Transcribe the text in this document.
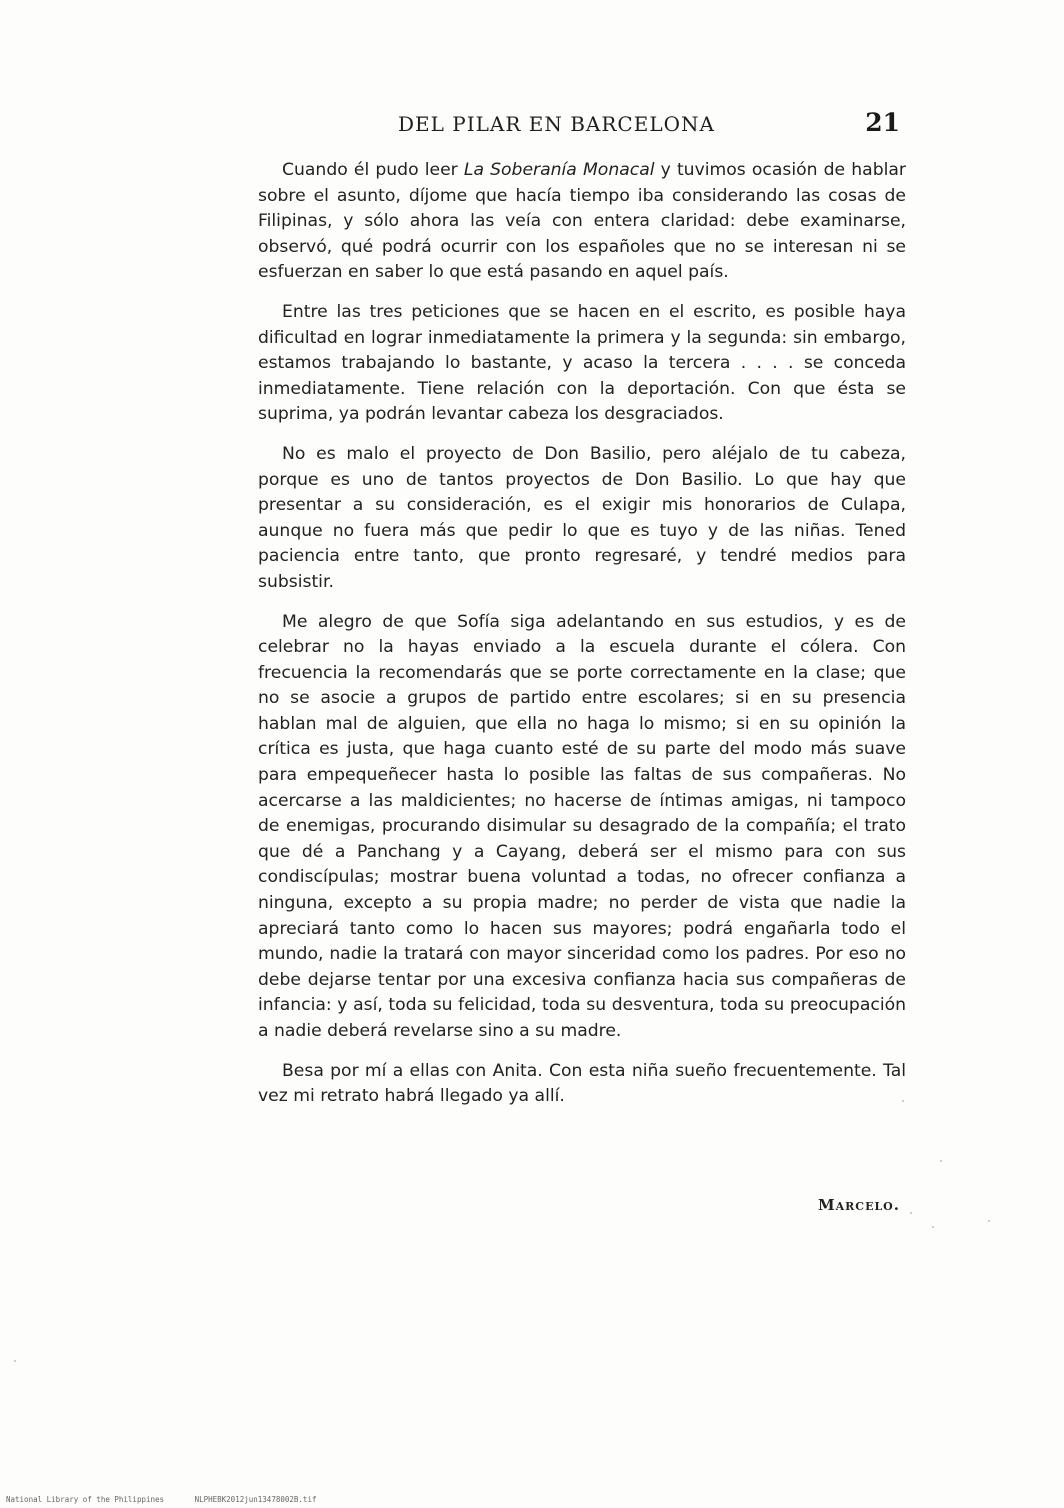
DEL PILAR EN BARCELONA	21

Cuando él pudo leer La Soberanía Monacal y tuvimos ocasión de hablar sobre el asunto, díjome que hacía tiempo iba considerando las cosas de Filipinas, y sólo ahora las veía con entera claridad: debe examinarse, observó, qué podrá ocurrir con los españoles que no se interesan ni se esfuerzan en saber lo que está pasando en aquel país.

Entre las tres peticiones que se hacen en el escrito, es posible haya dificultad en lograr inmediatamente la primera y la segunda: sin embargo, estamos trabajando lo bastante, y acaso la tercera . . . . se conceda inmediatamente. Tiene relación con la deportación. Con que ésta se suprima, ya podrán levantar cabeza los desgraciados.

No es malo el proyecto de Don Basilio, pero aléjalo de tu cabeza, porque es uno de tantos proyectos de Don Basilio. Lo que hay que presentar a su consideración, es el exigir mis honorarios de Culapa, aunque no fuera más que pedir lo que es tuyo y de las niñas. Tened paciencia entre tanto, que pronto regresaré, y tendré medios para subsistir.

Me alegro de que Sofía siga adelantando en sus estudios, y es de celebrar no la hayas enviado a la escuela durante el cólera. Con frecuencia la recomendarás que se porte correctamente en la clase; que no se asocie a grupos de partido entre escolares; si en su presencia hablan mal de alguien, que ella no haga lo mismo; si en su opinión la crítica es justa, que haga cuanto esté de su parte del modo más suave para empequeñecer hasta lo posible las faltas de sus compañeras. No acercarse a las maldicientes; no hacerse de íntimas amigas, ni tampoco de enemigas, procurando disimular su desagrado de la compañía; el trato que dé a Panchang y a Cayang, deberá ser el mismo para con sus condiscípulas; mostrar buena voluntad a todas, no ofrecer confianza a ninguna, excepto a su propia madre; no perder de vista que nadie la apreciará tanto como lo hacen sus mayores; podrá engañarla todo el mundo, nadie la tratará con mayor sinceridad como los padres. Por eso no debe dejarse tentar por una excesiva confianza hacia sus compañeras de infancia: y así, toda su felicidad, toda su desventura, toda su preocupación a nadie deberá revelarse sino a su madre.

Besa por mí a ellas con Anita. Con esta niña sueño frecuentemente. Tal vez mi retrato habrá llegado ya allí.

Marcelo.
National Library of the Philippines	NLPHEBK2012jun13478002B.tif
